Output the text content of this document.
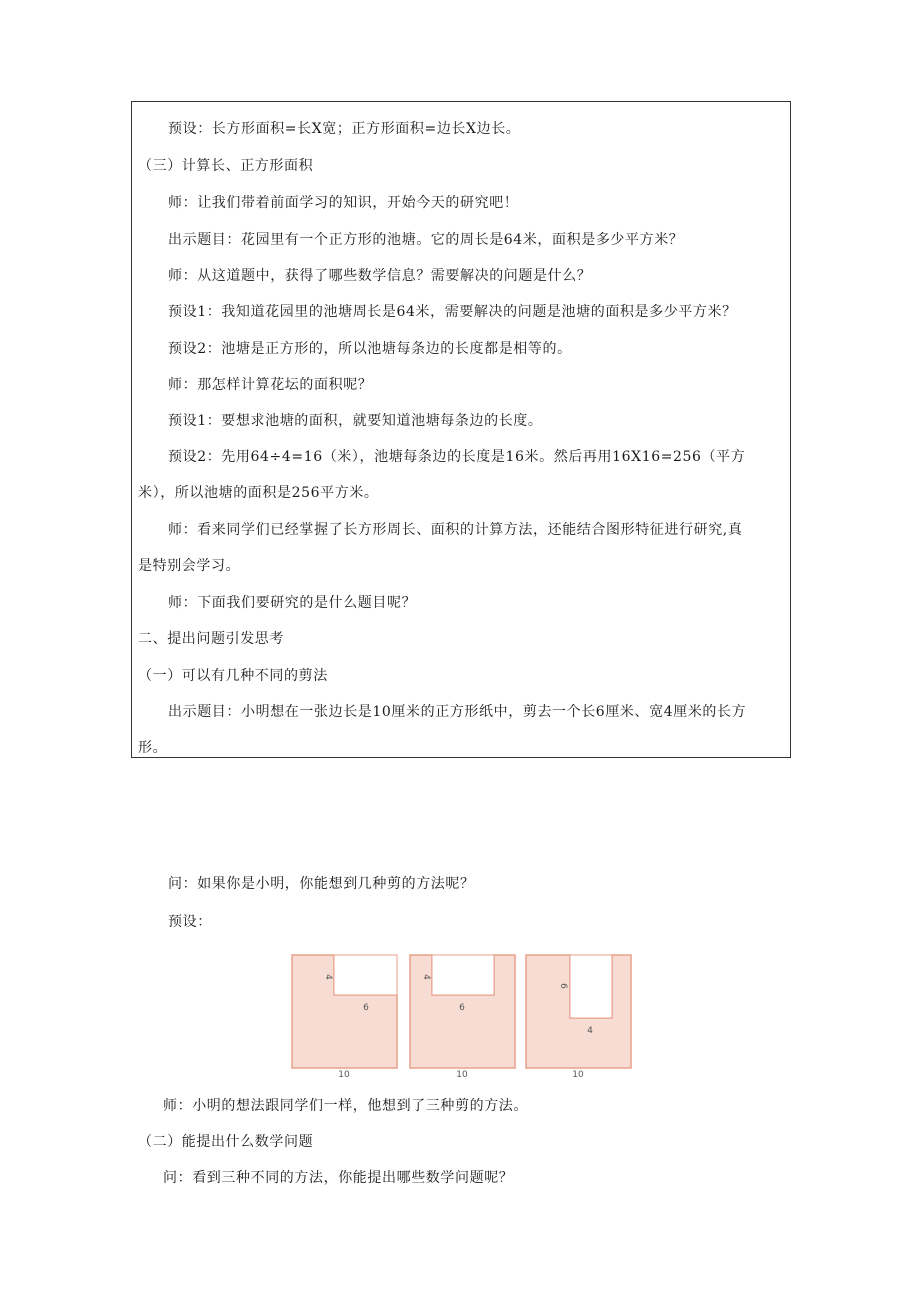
预设：长方形面积=长X宽；正方形面积=边长X边长。
（三）计算长、正方形面积
师：让我们带着前面学习的知识，开始今天的研究吧！
出示题目：花园里有一个正方形的池塘。它的周长是64米，面积是多少平方米？
师：从这道题中，获得了哪些数学信息？需要解决的问题是什么？
预设1：我知道花园里的池塘周长是64米，需要解决的问题是池塘的面积是多少平方米？
预设2：池塘是正方形的，所以池塘每条边的长度都是相等的。
师：那怎样计算花坛的面积呢？
预设1：要想求池塘的面积，就要知道池塘每条边的长度。
预设2：先用64÷4=16（米），池塘每条边的长度是16米。然后再用16X16=256（平方
米），所以池塘的面积是256平方米。
师：看来同学们已经掌握了长方形周长、面积的计算方法，还能结合图形特征进行研究,真
是特别会学习。
师：下面我们要研究的是什么题目呢？
二、提出问题引发思考
（一）可以有几种不同的剪法
出示题目：小明想在一张边长是10厘米的正方形纸中，剪去一个长6厘米、宽4厘米的长方
形。
问：如果你是小明，你能想到几种剪的方法呢？
预设：
4
6
10
4
6
10
6
4
10
师：小明的想法跟同学们一样，他想到了三种剪的方法。
（二）能提出什么数学问题
问：看到三种不同的方法，你能提出哪些数学问题呢？
